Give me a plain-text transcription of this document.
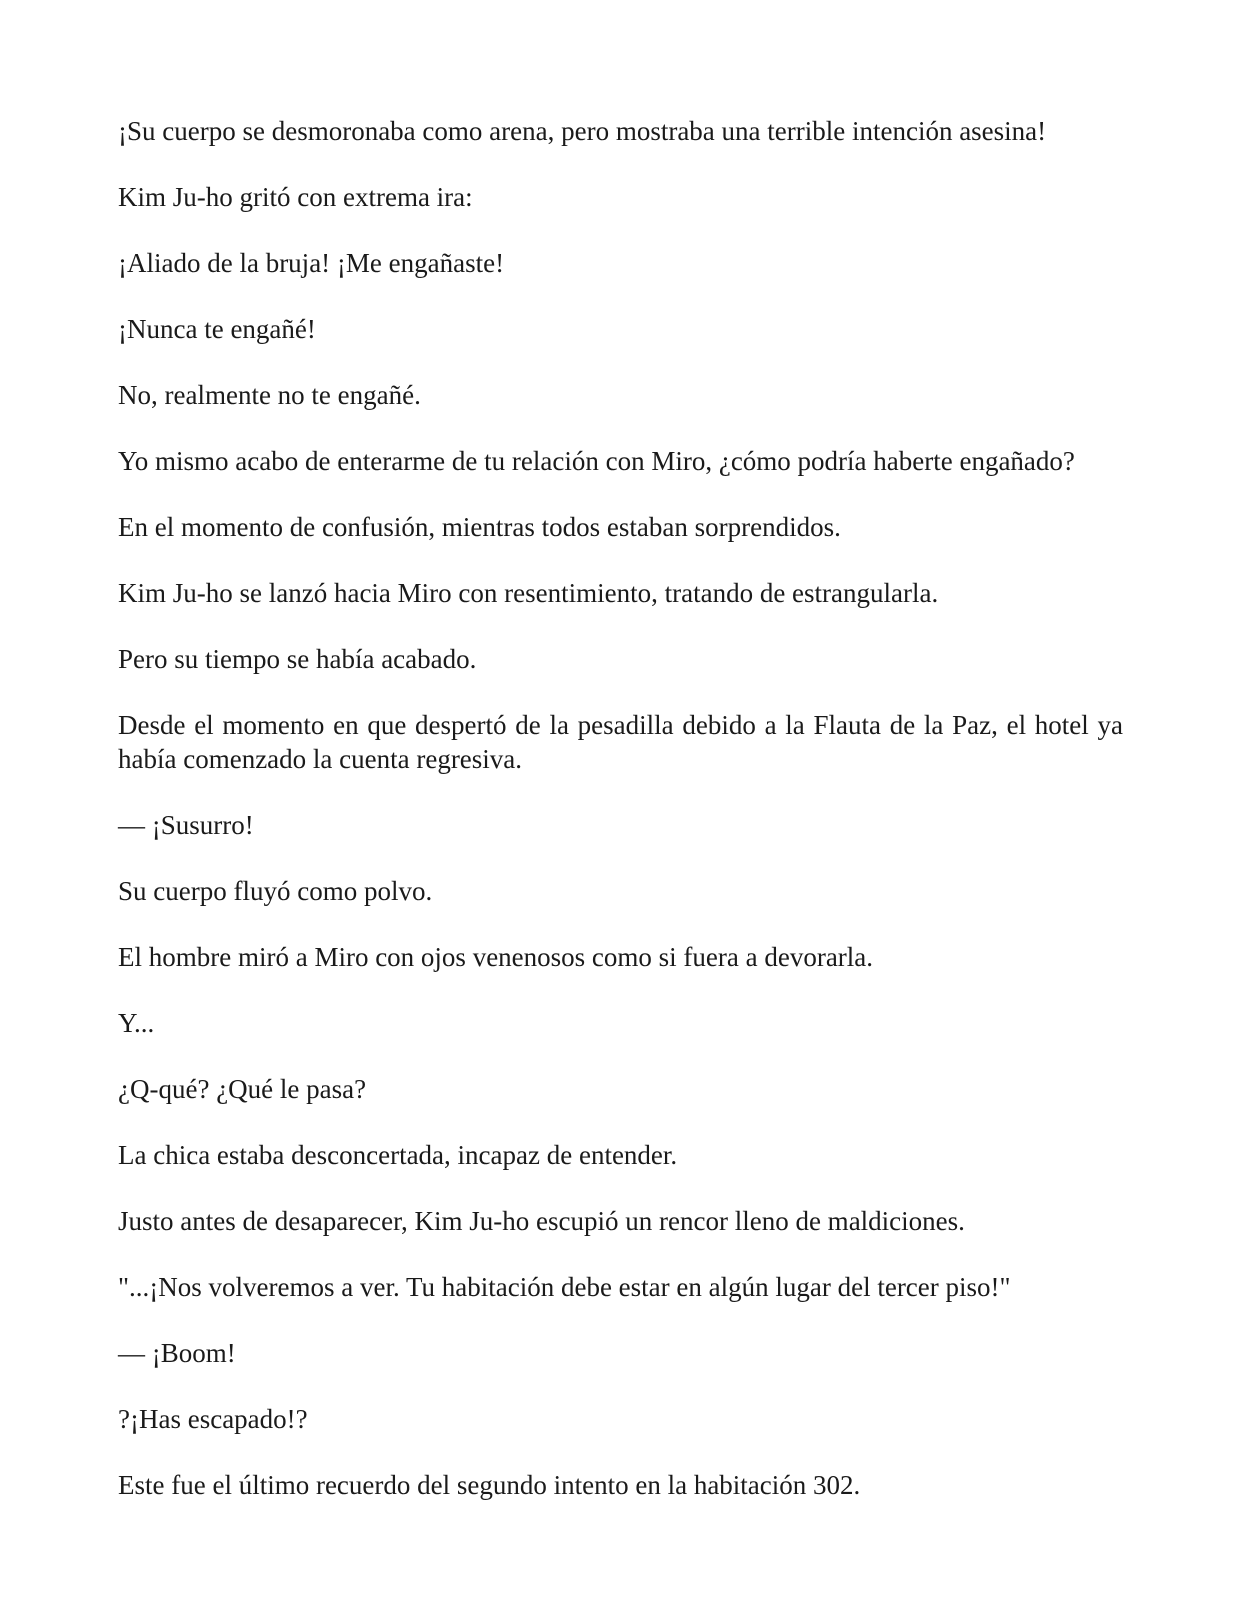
¡Su cuerpo se desmoronaba como arena, pero mostraba una terrible intención asesina!

Kim Ju-ho gritó con extrema ira:

¡Aliado de la bruja! ¡Me engañaste!

¡Nunca te engañé!

No, realmente no te engañé.

Yo mismo acabo de enterarme de tu relación con Miro, ¿cómo podría haberte engañado?

En el momento de confusión, mientras todos estaban sorprendidos.

Kim Ju-ho se lanzó hacia Miro con resentimiento, tratando de estrangularla.

Pero su tiempo se había acabado.

Desde el momento en que despertó de la pesadilla debido a la Flauta de la Paz, el hotel ya había comenzado la cuenta regresiva.

— ¡Susurro!

Su cuerpo fluyó como polvo.

El hombre miró a Miro con ojos venenosos como si fuera a devorarla.

Y...

¿Q-qué? ¿Qué le pasa?

La chica estaba desconcertada, incapaz de entender.

Justo antes de desaparecer, Kim Ju-ho escupió un rencor lleno de maldiciones.

"...¡Nos volveremos a ver. Tu habitación debe estar en algún lugar del tercer piso!"

— ¡Boom!

?¡Has escapado!?

Este fue el último recuerdo del segundo intento en la habitación 302.
